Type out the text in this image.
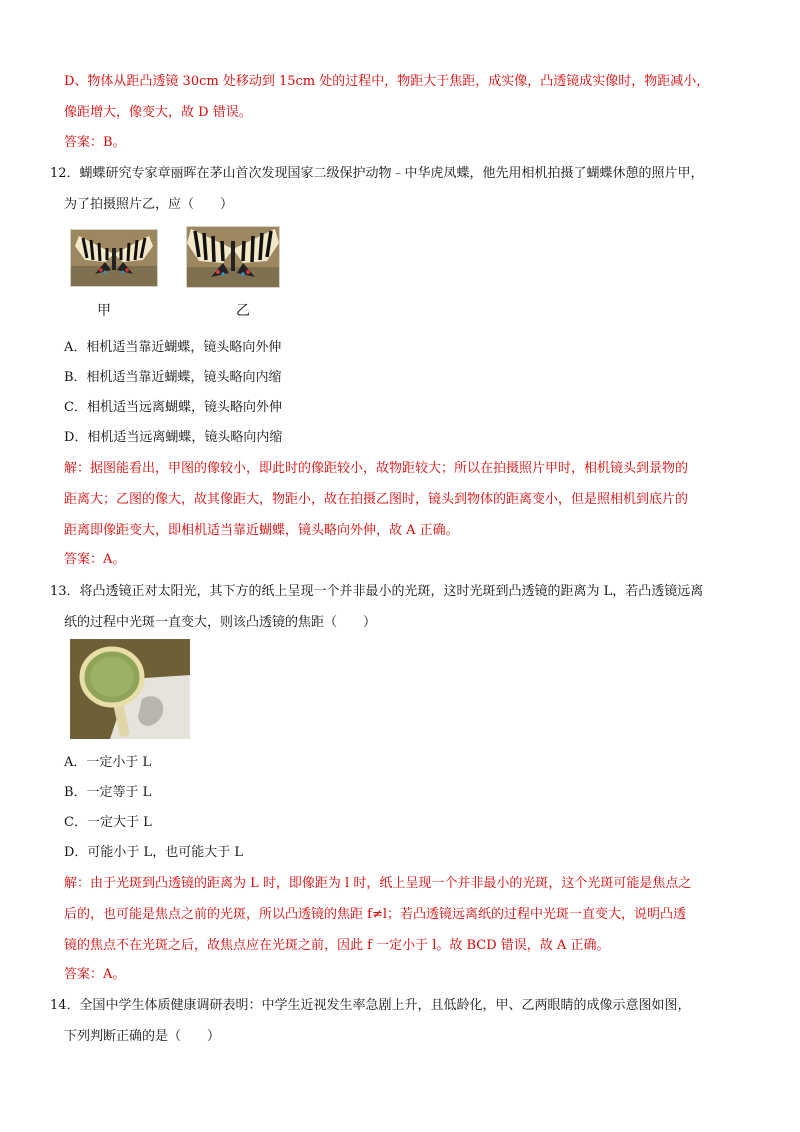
D、物体从距凸透镜 30cm 处移动到 15cm 处的过程中，物距大于焦距，成实像，凸透镜成实像时，物距减小，
像距增大，像变大，故 D 错误。
答案：B。
12．蝴蝶研究专家章丽晖在茅山首次发现国家二级保护动物﹣中华虎凤蝶，他先用相机拍摄了蝴蝶休憩的照片甲，
为了拍摄照片乙，应（　　）
甲	乙
A．相机适当靠近蝴蝶，镜头略向外伸
B．相机适当靠近蝴蝶，镜头略向内缩
C．相机适当远离蝴蝶，镜头略向外伸
D．相机适当远离蝴蝶，镜头略向内缩
解：据图能看出，甲图的像较小，即此时的像距较小，故物距较大；所以在拍摄照片甲时，相机镜头到景物的
距离大；乙图的像大，故其像距大，物距小，故在拍摄乙图时，镜头到物体的距离变小，但是照相机到底片的
距离即像距变大，即相机适当靠近蝴蝶，镜头略向外伸，故 A 正确。
答案：A。
13．将凸透镜正对太阳光，其下方的纸上呈现一个并非最小的光斑，这时光斑到凸透镜的距离为 L，若凸透镜远离
纸的过程中光斑一直变大，则该凸透镜的焦距（　　）
A．一定小于 L
B．一定等于 L
C．一定大于 L
D．可能小于 L，也可能大于 L
解：由于光斑到凸透镜的距离为 L 时，即像距为 l 时，纸上呈现一个并非最小的光斑，这个光斑可能是焦点之
后的，也可能是焦点之前的光斑，所以凸透镜的焦距 f≠l；若凸透镜远离纸的过程中光斑一直变大，说明凸透
镜的焦点不在光斑之后，故焦点应在光斑之前，因此 f 一定小于 l。故 BCD 错误，故 A 正确。
答案：A。
14．全国中学生体质健康调研表明：中学生近视发生率急剧上升，且低龄化，甲、乙两眼睛的成像示意图如图，
下列判断正确的是（　　）
